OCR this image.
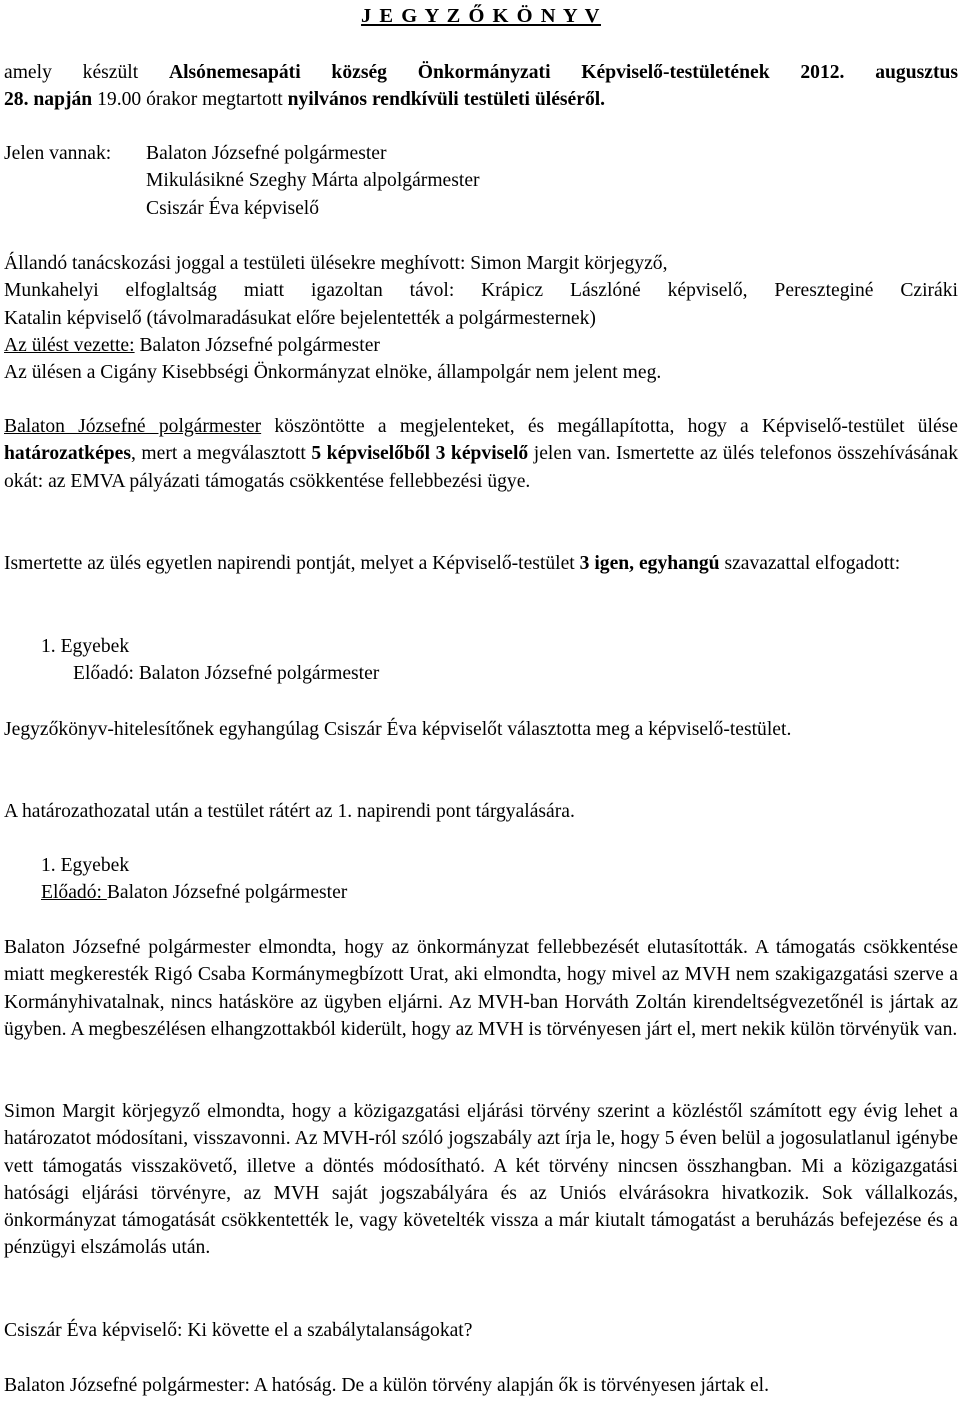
J E G Y Z Ő K Ö N Y V
amely készült Alsónemesapáti község Önkormányzati Képviselő-testületének 2012. augusztus
28. napján 19.00 órakor megtartott nyilvános rendkívüli testületi üléséről.
Jelen vannak:	Balaton Józsefné polgármester
Mikulásikné Szeghy Márta alpolgármester
Csiszár Éva képviselő
Állandó tanácskozási joggal a testületi ülésekre meghívott: Simon Margit körjegyző,
Munkahelyi elfoglaltság miatt igazoltan távol: Krápicz Lászlóné képviselő, Pereszteginé Cziráki
Katalin képviselő (távolmaradásukat előre bejelentették a polgármesternek)
Az ülést vezette: Balaton Józsefné polgármester
Az ülésen a Cigány Kisebbségi Önkormányzat elnöke, állampolgár nem jelent meg.
Balaton Józsefné polgármester köszöntötte a megjelenteket, és megállapította, hogy a Képviselő-testület ülése határozatképes, mert a megválasztott 5 képviselőből 3 képviselő jelen van. Ismertette az ülés telefonos összehívásának okát: az EMVA pályázati támogatás csökkentése fellebbezési ügye.
Ismertette az ülés egyetlen napirendi pontját, melyet a Képviselő-testület 3 igen, egyhangú szavazattal elfogadott:
1. Egyebek
Előadó: Balaton Józsefné polgármester
Jegyzőkönyv-hitelesítőnek egyhangúlag Csiszár Éva képviselőt választotta meg a képviselő-testület.
A határozathozatal után a testület rátért az 1. napirendi pont tárgyalására.
1. Egyebek
Előadó: Balaton Józsefné polgármester
Balaton Józsefné polgármester elmondta, hogy az önkormányzat fellebbezését elutasították. A támogatás csökkentése miatt megkeresték Rigó Csaba Kormánymegbízott Urat, aki elmondta, hogy mivel az MVH nem szakigazgatási szerve a Kormányhivatalnak, nincs hatásköre az ügyben eljárni. Az MVH-ban Horváth Zoltán kirendeltségvezetőnél is jártak az ügyben. A megbeszélésen elhangzottakból kiderült, hogy az MVH is törvényesen járt el, mert nekik külön törvényük van.
Simon Margit körjegyző elmondta, hogy a közigazgatási eljárási törvény szerint a közléstől számított egy évig lehet a határozatot módosítani, visszavonni. Az MVH-ról szóló jogszabály azt írja le, hogy 5 éven belül a jogosulatlanul igénybe vett támogatás visszakövető, illetve a döntés módosítható. A két törvény nincsen összhangban. Mi a közigazgatási hatósági eljárási törvényre, az MVH saját jogszabályára és az Uniós elvárásokra hivatkozik. Sok vállalkozás, önkormányzat támogatását csökkentették le, vagy követelték vissza a már kiutalt támogatást a beruházás befejezése és a pénzügyi elszámolás után.
Csiszár Éva képviselő: Ki követte el a szabálytalanságokat?
Balaton Józsefné polgármester: A hatóság. De a külön törvény alapján ők is törvényesen jártak el.
